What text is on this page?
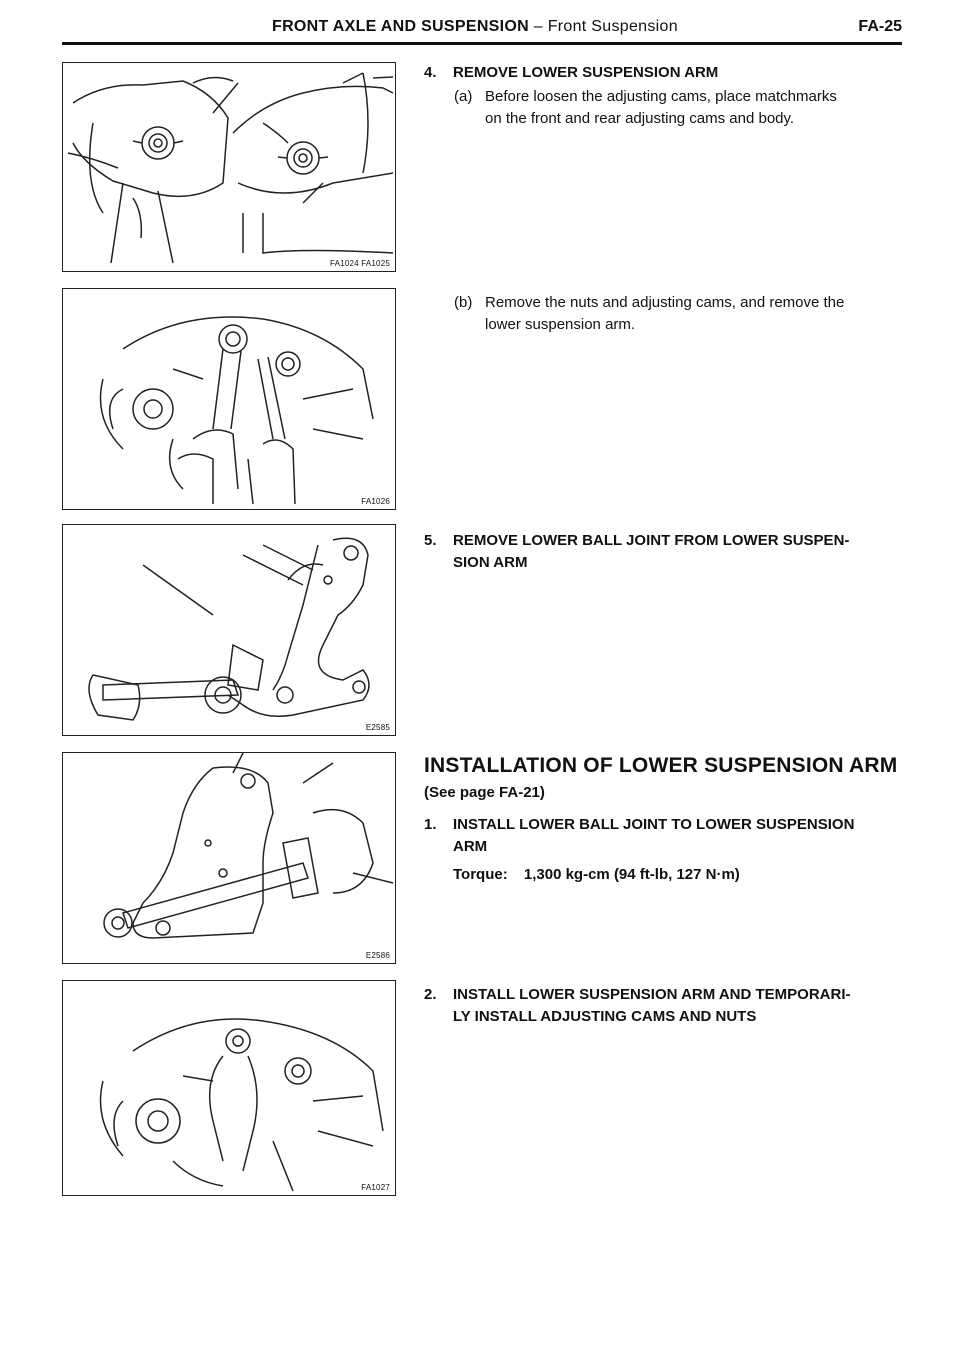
FRONT AXLE AND SUSPENSION – Front Suspension	FA-25
FA1024 FA1025
FA1026
E2585
E2586
FA1027
4. REMOVE LOWER SUSPENSION ARM
(a) Before loosen the adjusting cams, place matchmarks
on the front and rear adjusting cams and body.
(b) Remove the nuts and adjusting cams, and remove the
lower suspension arm.
5. REMOVE LOWER BALL JOINT FROM LOWER SUSPEN-
SION ARM
INSTALLATION OF LOWER SUSPENSION ARM
(See page FA-21)
1. INSTALL LOWER BALL JOINT TO LOWER SUSPENSION
ARM
Torque: 1,300 kg-cm (94 ft-lb, 127 N·m)
2. INSTALL LOWER SUSPENSION ARM AND TEMPORARI-
LY INSTALL ADJUSTING CAMS AND NUTS
